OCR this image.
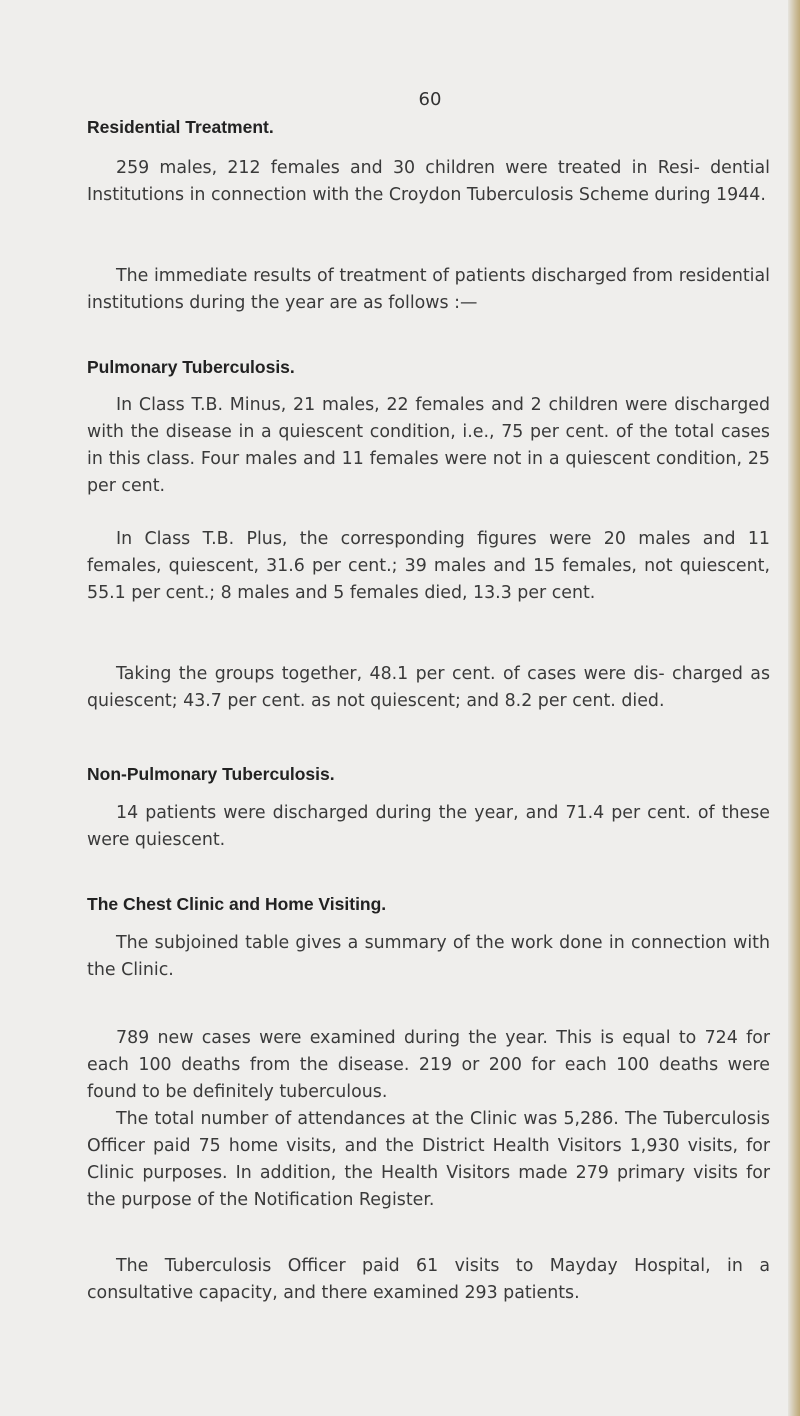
60
Residential Treatment.

259 males, 212 females and 30 children were treated in Resi- dential Institutions in connection with the Croydon Tuberculosis Scheme during 1944.

The immediate results of treatment of patients discharged from residential institutions during the year are as follows :—

Pulmonary Tuberculosis.

In Class T.B. Minus, 21 males, 22 females and 2 children were discharged with the disease in a quiescent condition, i.e., 75 per cent. of the total cases in this class. Four males and 11 females were not in a quiescent condition, 25 per cent.

In Class T.B. Plus, the corresponding figures were 20 males and 11 females, quiescent, 31.6 per cent.; 39 males and 15 females, not quiescent, 55.1 per cent.; 8 males and 5 females died, 13.3 per cent.

Taking the groups together, 48.1 per cent. of cases were dis- charged as quiescent; 43.7 per cent. as not quiescent; and 8.2 per cent. died.

Non-Pulmonary Tuberculosis.

14 patients were discharged during the year, and 71.4 per cent. of these were quiescent.

The Chest Clinic and Home Visiting.

The subjoined table gives a summary of the work done in connection with the Clinic.

789 new cases were examined during the year. This is equal to 724 for each 100 deaths from the disease. 219 or 200 for each 100 deaths were found to be definitely tuberculous.

The total number of attendances at the Clinic was 5,286. The Tuberculosis Officer paid 75 home visits, and the District Health Visitors 1,930 visits, for Clinic purposes. In addition, the Health Visitors made 279 primary visits for the purpose of the Notification Register.

The Tuberculosis Officer paid 61 visits to Mayday Hospital, in a consultative capacity, and there examined 293 patients.
